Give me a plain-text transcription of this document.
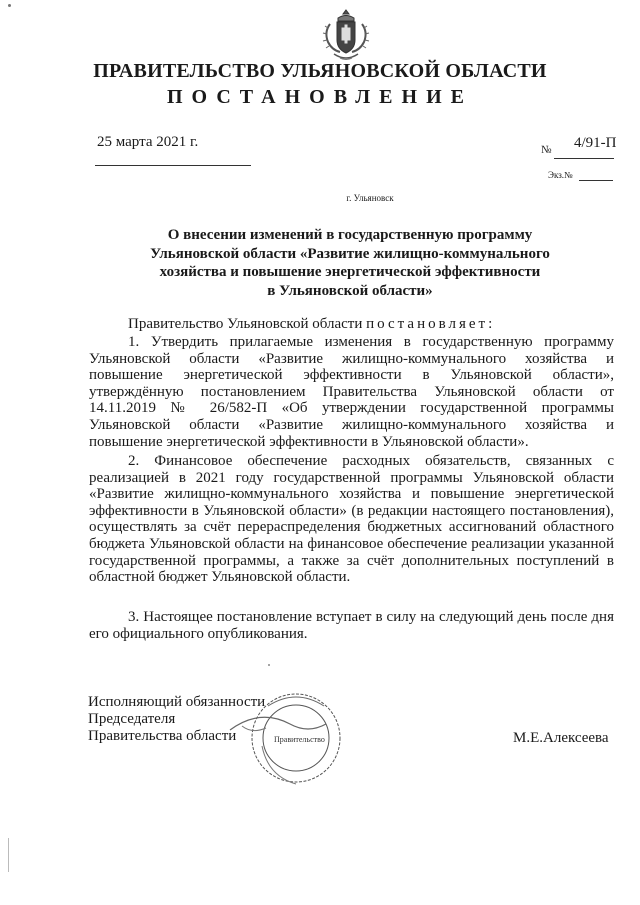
ПРАВИТЕЛЬСТВО УЛЬЯНОВСКОЙ ОБЛАСТИ
ПОСТАНОВЛЕНИЕ
25 марта 2021 г.	№ 4/91-П
Экз.№
г. Ульяновск
О внесении изменений в государственную программу
Ульяновской области «Развитие жилищно-коммунального
хозяйства и повышение энергетической эффективности
в Ульяновской области»

Правительство Ульяновской области постановляет:

1. Утвердить прилагаемые изменения в государственную программу Ульяновской области «Развитие жилищно-коммунального хозяйства и повышение энергетической эффективности в Ульяновской области», утверждённую постановлением Правительства Ульяновской области от 14.11.2019 № 26/582-П «Об утверждении государственной программы Ульяновской области «Развитие жилищно-коммунального хозяйства и повышение энергетической эффективности в Ульяновской области».

2. Финансовое обеспечение расходных обязательств, связанных с реализацией в 2021 году государственной программы Ульяновской области «Развитие жилищно-коммунального хозяйства и повышение энергетической эффективности в Ульяновской области» (в редакции настоящего постановления), осуществлять за счёт перераспределения бюджетных ассигнований областного бюджета Ульяновской области на финансовое обеспечение реализации указанной государственной программы, а также за счёт дополнительных поступлений в областной бюджет Ульяновской области.

3. Настоящее постановление вступает в силу на следующий день после дня его официального опубликования.

Исполняющий обязанности
Председателя
Правительства области	Правительство	М.Е.Алексеева
